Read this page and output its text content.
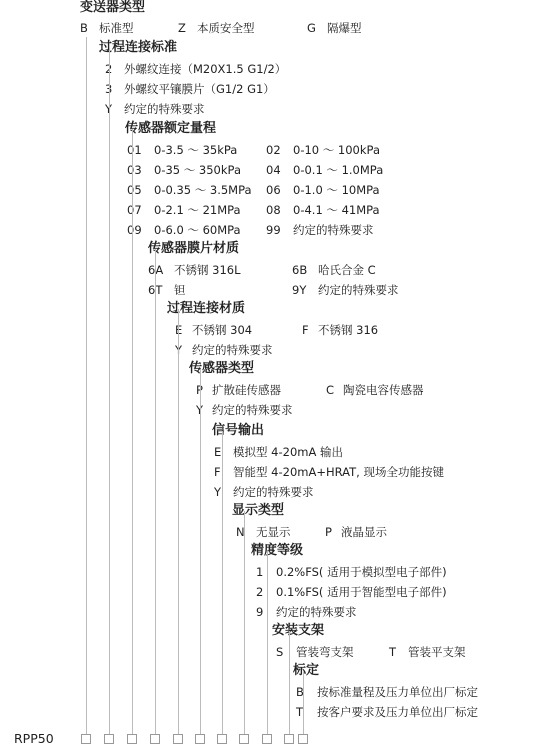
变送器类型
B 标准型	Z 本质安全型	G 隔爆型
过程连接标准
2 外螺纹连接（M20X1.5 G1/2）
3 外螺纹平镶膜片（G1/2 G1）
Y 约定的特殊要求
传感器额定量程
01 0-3.5 ～ 35kPa 02 0-10 ～ 100kPa
03 0-35 ～ 350kPa 04 0-0.1 ～ 1.0MPa
05 0-0.35 ～ 3.5MPa 06 0-1.0 ～ 10MPa
07 0-2.1 ～ 21MPa 08 0-4.1 ～ 41MPa
09 0-6.0 ～ 60MPa 99 约定的特殊要求
传感器膜片材质
6A 不锈钢 316L	6B 哈氏合金 C
6T 钽	9Y 约定的特殊要求
过程连接材质
E 不锈钢 304	F 不锈钢 316
Y 约定的特殊要求
传感器类型
P 扩散硅传感器	C 陶瓷电容传感器
Y 约定的特殊要求
信号输出
E 模拟型 4-20mA 输出
F 智能型 4-20mA+HRAT, 现场全功能按键
Y 约定的特殊要求
显示类型
N 无显示	P 液晶显示
精度等级
1 0.2%FS( 适用于模拟型电子部件)
2 0.1%FS( 适用于智能型电子部件)
9 约定的特殊要求
安装支架
S 管装弯支架	T 管装平支架
标定
B 按标准量程及压力单位出厂标定
T 按客户要求及压力单位出厂标定
RPP50
